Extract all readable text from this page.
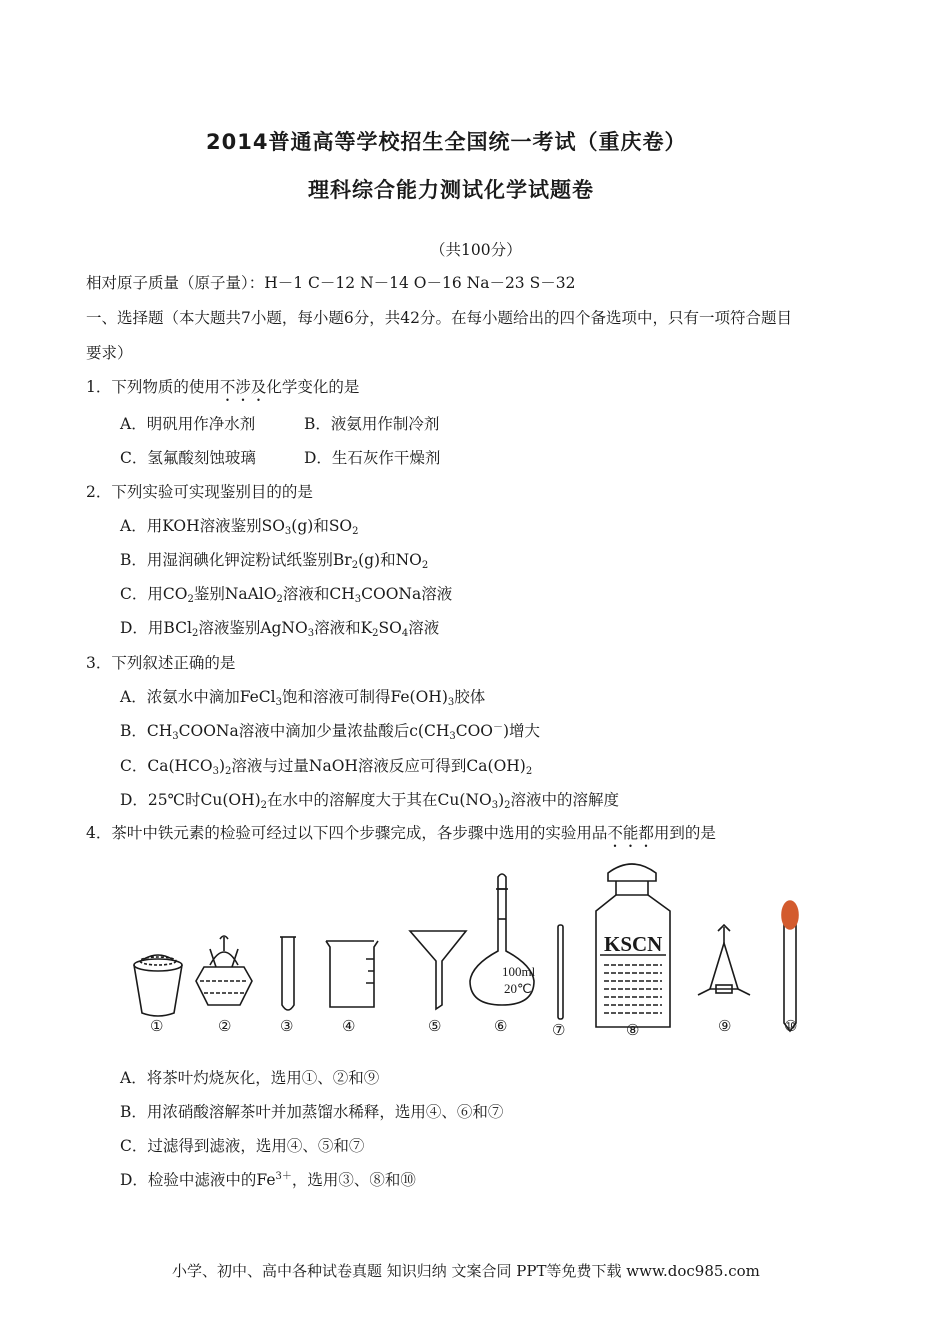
2014普通高等学校招生全国统一考试（重庆卷）
理科综合能力测试化学试题卷
（共100分）
相对原子质量（原子量）：H－1 C－12 N－14 O－16 Na－23 S－32
一、选择题（本大题共7小题，每小题6分，共42分。在每小题给出的四个备选项中，只有一项符合题目
要求）
1．下列物质的使用不涉及化学变化的是
A．明矾用作净水剂	B．液氨用作制冷剂
C．氢氟酸刻蚀玻璃	D．生石灰作干燥剂
2．下列实验可实现鉴别目的的是
A．用KOH溶液鉴别$SO_3(g)$和$SO_2$
B．用湿润碘化钾淀粉试纸鉴别$Br_2(g)$和$NO_2$
C．用$CO_2$鉴别NaAlO$_2$溶液和$CH_3COONa$溶液
D．用BCl$_2$溶液鉴别AgNO$_3$溶液和$K_2SO_4$溶液
3．下列叙述正确的是
A．浓氨水中滴加FeCl$_3$饱和溶液可制得$Fe(OH)_3$胶体
B．$CH_3COONa$溶液中滴加少量浓盐酸后$c(CH_3COO^-)$增大
C．$Ca(HCO_3)_2$溶液与过量NaOH溶液反应可得到$Ca(OH)_2$
D．25℃时$Cu(OH)_2$在水中的溶解度大于其在$Cu(NO_3)_2$溶液中的溶解度
4．茶叶中铁元素的检验可经过以下四个步骤完成，各步骤中选用的实验用品不能都用到的是
100ml
20℃
KSCN
①	②	③	④	⑤	⑥	⑦	⑧	⑨	⑩
A．将茶叶灼烧灰化，选用①、②和⑨
B．用浓硝酸溶解茶叶并加蒸馏水稀释，选用④、⑥和⑦
C．过滤得到滤液，选用④、⑤和⑦
D．检验中滤液中的$Fe^{3+}$，选用③、⑧和⑩
小学、初中、高中各种试卷真题 知识归纳 文案合同 PPT等免费下载 www.doc985.com
